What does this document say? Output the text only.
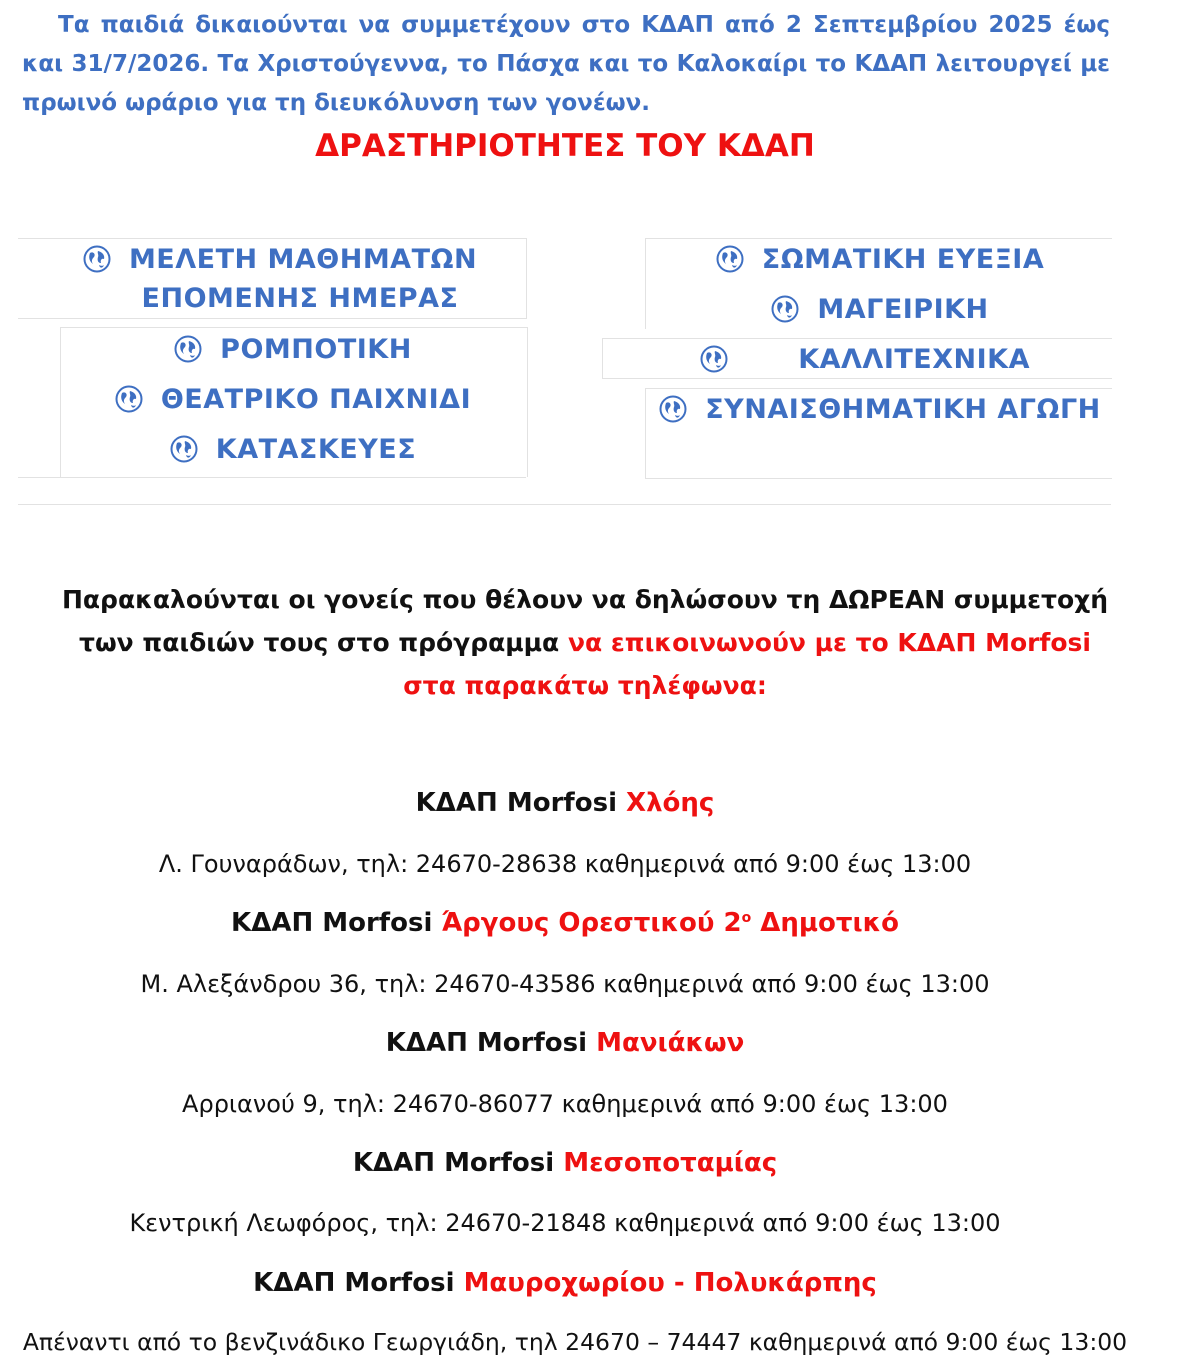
Τα παιδιά δικαιούνται να συμμετέχουν στο ΚΔΑΠ από 2 Σεπτεμβρίου 2025 έως και 31/7/2026. Τα Χριστούγεννα, το Πάσχα και το Καλοκαίρι το ΚΔΑΠ λειτουργεί με πρωινό ωράριο για τη διευκόλυνση των γονέων.
ΔΡΑΣΤΗΡΙΟΤΗΤΕΣ ΤΟΥ ΚΔΑΠ
ΜΕΛΕΤΗ ΜΑΘΗΜΑΤΩΝ
ΕΠΟΜΕΝΗΣ ΗΜΕΡΑΣ
ΡΟΜΠΟΤΙΚΗ
ΘΕΑΤΡΙΚΟ ΠΑΙΧΝΙΔΙ
ΚΑΤΑΣΚΕΥΕΣ
ΣΩΜΑΤΙΚΗ ΕΥΕΞΙΑ
ΜΑΓΕΙΡΙΚΗ
ΚΑΛΛΙΤΕΧΝΙΚΑ
ΣΥΝΑΙΣΘΗΜΑΤΙΚΗ ΑΓΩΓΗ
Παρακαλούνται οι γονείς που θέλουν να δηλώσουν τη ΔΩΡΕΑΝ συμμετοχή των παιδιών τους στο πρόγραμμα να επικοινωνούν με το ΚΔΑΠ Morfosi στα παρακάτω τηλέφωνα:
ΚΔΑΠ Morfosi Χλόης
Λ. Γουναράδων, τηλ: 24670-28638 καθημερινά από 9:00 έως 13:00
ΚΔΑΠ Morfosi Άργους Ορεστικού $2^o$ Δημοτικό
Μ. Αλεξάνδρου 36, τηλ: 24670-43586 καθημερινά από 9:00 έως 13:00
ΚΔΑΠ Morfosi Μανιάκων
Αρριανού 9, τηλ: 24670-86077 καθημερινά από 9:00 έως 13:00
ΚΔΑΠ Morfosi Μεσοποταμίας
Κεντρική Λεωφόρος, τηλ: 24670-21848 καθημερινά από 9:00 έως 13:00
ΚΔΑΠ Morfosi Μαυροχωρίου - Πολυκάρπης
Απέναντι από το βενζινάδικο Γεωργιάδη, τηλ 24670 – 74447 καθημερινά από 9:00 έως 13:00
